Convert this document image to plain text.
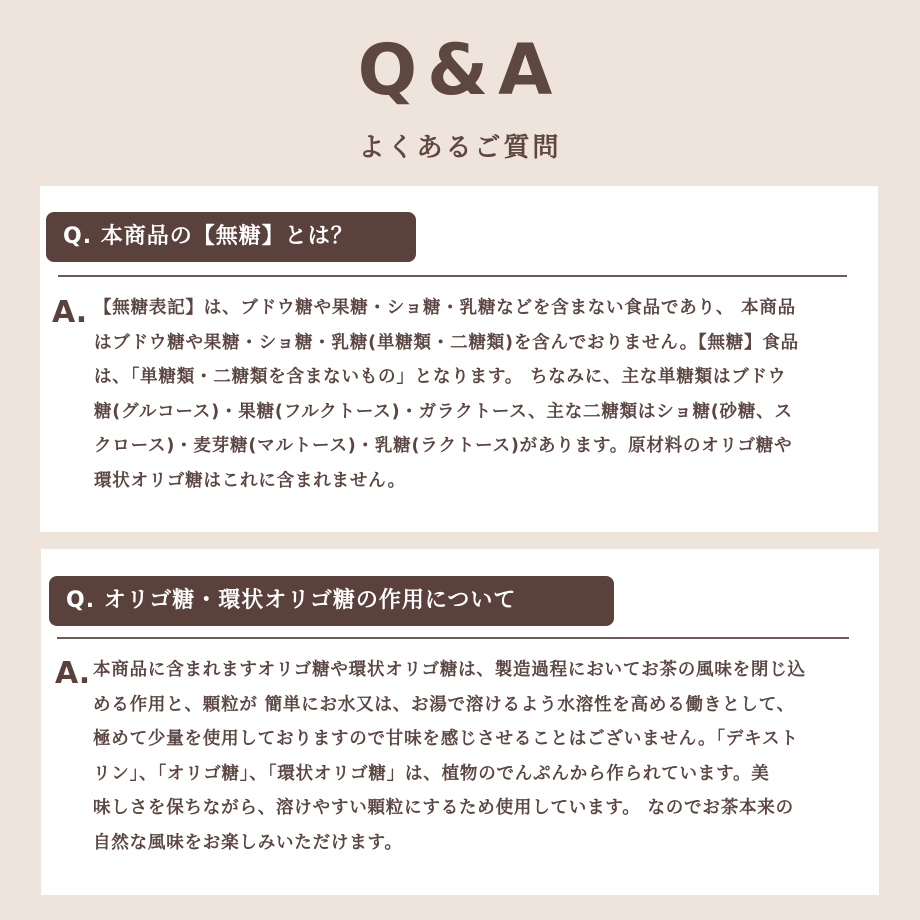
Q&A
よくあるご質問
Q. 本商品の【無糖】とは？
A. 【無糖表記】は、ブドウ糖や果糖・ショ糖・乳糖などを含まない食品であり、 本商品
はブドウ糖や果糖・ショ糖・乳糖(単糖類・二糖類)を含んでおりません。【無糖】食品
は、「単糖類・二糖類を含まないもの」となります。 ちなみに、主な単糖類はブドウ
糖(グルコース)・果糖(フルクトース)・ガラクトース、主な二糖類はショ糖(砂糖、ス
クロース)・麦芽糖(マルトース)・乳糖(ラクトース)があります。原材料のオリゴ糖や
環状オリゴ糖はこれに含まれません。
Q. オリゴ糖・環状オリゴ糖の作用について
A. 本商品に含まれますオリゴ糖や環状オリゴ糖は、製造過程においてお茶の風味を閉じ込
める作用と、顆粒が 簡単にお水又は、お湯で溶けるよう水溶性を高める働きとして、
極めて少量を使用しておりますので甘味を感じさせることはございません。「デキスト
リン」、「オリゴ糖」、「環状オリゴ糖」は、植物のでんぷんから作られています。美
味しさを保ちながら、溶けやすい顆粒にするため使用しています。 なのでお茶本来の
自然な風味をお楽しみいただけます。
